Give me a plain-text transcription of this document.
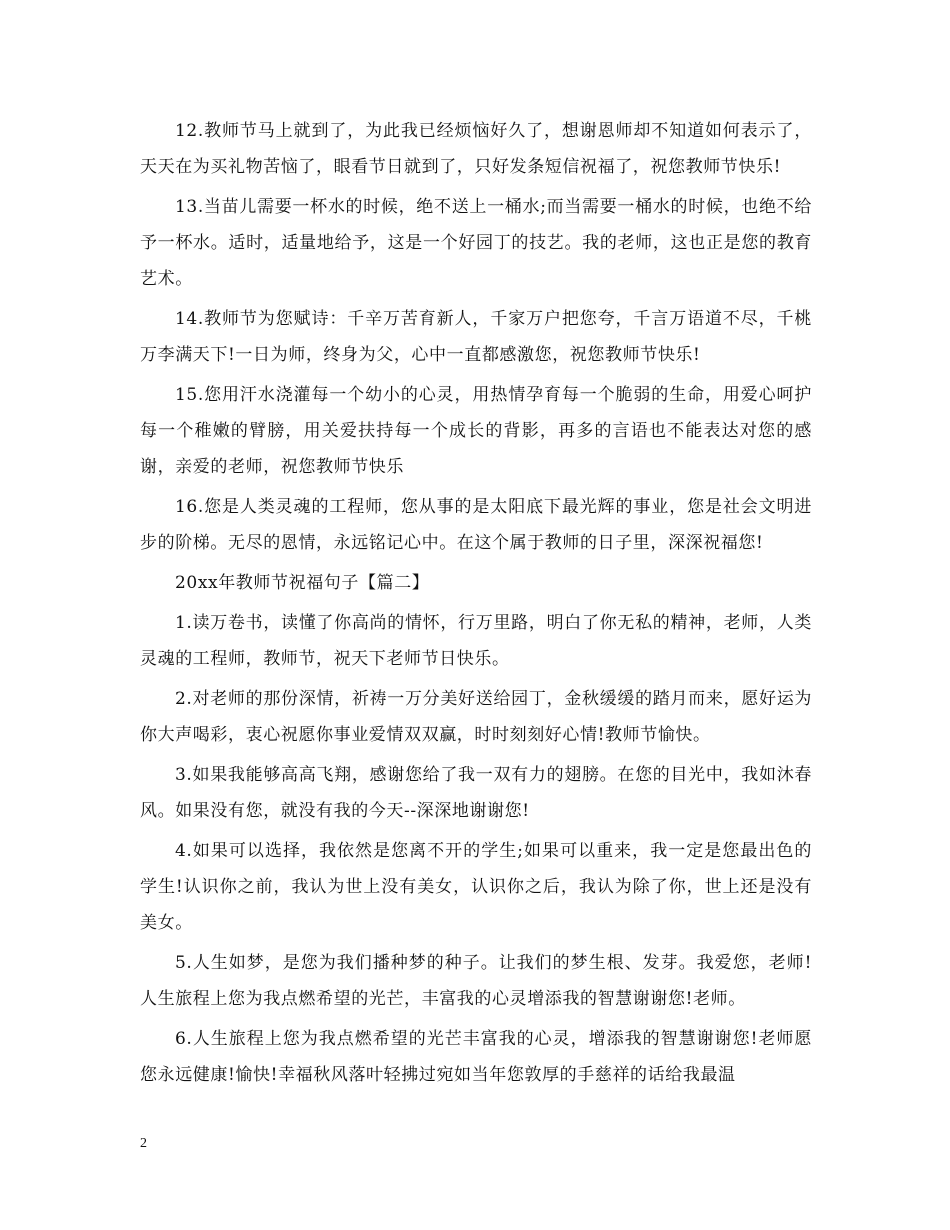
12.教师节马上就到了，为此我已经烦恼好久了，想谢恩师却不知道如何表示了，天天在为买礼物苦恼了，眼看节日就到了，只好发条短信祝福了，祝您教师节快乐!

13.当苗儿需要一杯水的时候，绝不送上一桶水;而当需要一桶水的时候，也绝不给予一杯水。适时，适量地给予，这是一个好园丁的技艺。我的老师，这也正是您的教育艺术。

14.教师节为您赋诗：千辛万苦育新人，千家万户把您夸，千言万语道不尽，千桃万李满天下!一日为师，终身为父，心中一直都感激您，祝您教师节快乐!

15.您用汗水浇灌每一个幼小的心灵，用热情孕育每一个脆弱的生命，用爱心呵护每一个稚嫩的臂膀，用关爱扶持每一个成长的背影，再多的言语也不能表达对您的感谢，亲爱的老师，祝您教师节快乐

16.您是人类灵魂的工程师，您从事的是太阳底下最光辉的事业，您是社会文明进步的阶梯。无尽的恩情，永远铭记心中。在这个属于教师的日子里，深深祝福您!

20xx年教师节祝福句子【篇二】

1.读万卷书，读懂了你高尚的情怀，行万里路，明白了你无私的精神，老师，人类灵魂的工程师，教师节，祝天下老师节日快乐。

2.对老师的那份深情，祈祷一万分美好送给园丁，金秋缓缓的踏月而来，愿好运为你大声喝彩，衷心祝愿你事业爱情双双赢，时时刻刻好心情!教师节愉快。

3.如果我能够高高飞翔，感谢您给了我一双有力的翅膀。在您的目光中，我如沐春风。如果没有您，就没有我的今天--深深地谢谢您!

4.如果可以选择，我依然是您离不开的学生;如果可以重来，我一定是您最出色的学生!认识你之前，我认为世上没有美女，认识你之后，我认为除了你，世上还是没有美女。

5.人生如梦，是您为我们播种梦的种子。让我们的梦生根、发芽。我爱您，老师!人生旅程上您为我点燃希望的光芒，丰富我的心灵增添我的智慧谢谢您!老师。

6.人生旅程上您为我点燃希望的光芒丰富我的心灵，增添我的智慧谢谢您!老师愿您永远健康!愉快!幸福秋风落叶轻拂过宛如当年您敦厚的手慈祥的话给我最温

2
